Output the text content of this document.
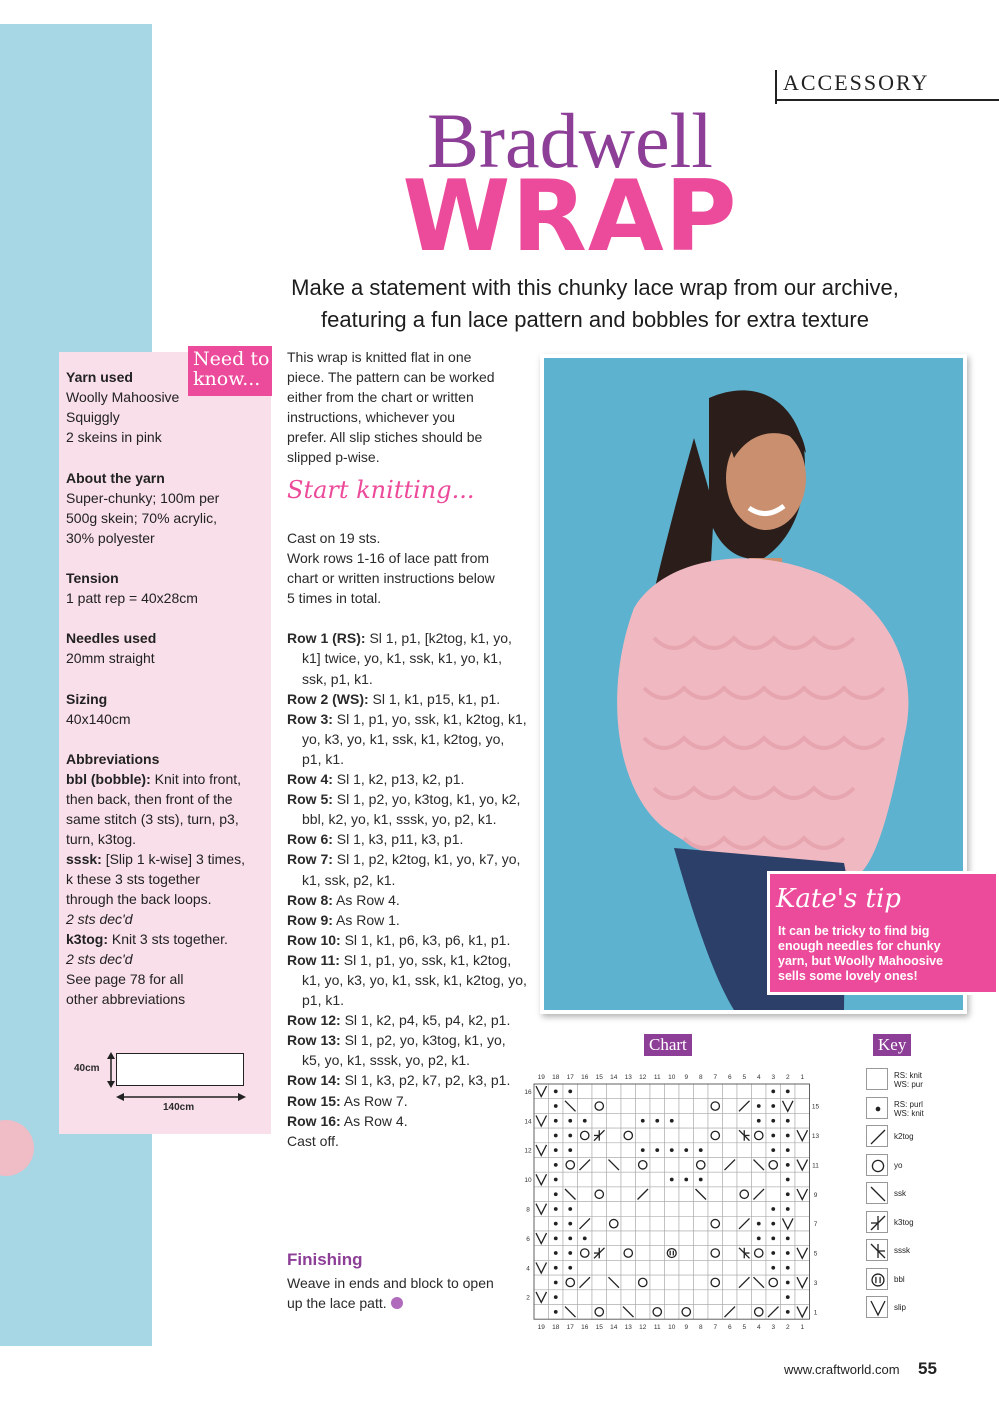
ACCESSORY
Bradwell
WRAP
Make a statement with this chunky lace wrap from our archive,
featuring a fun lace pattern and bobbles for extra texture
Need to
know...
Yarn used
Woolly Mahoosive
Squiggly
2 skeins in pink
About the yarn
Super-chunky; 100m per
500g skein; 70% acrylic,
30% polyester
Tension
1 patt rep = 40x28cm
Needles used
20mm straight
Sizing
40x140cm
Abbreviations
bbl (bobble): Knit into front,
then back, then front of the
same stitch (3 sts), turn, p3,
turn, k3tog.
sssk: [Slip 1 k-wise] 3 times,
k these 3 sts together
through the back loops.
2 sts dec'd
k3tog: Knit 3 sts together.
2 sts dec'd
See page 78 for all
other abbreviations
40cm
140cm
This wrap is knitted flat in one
piece. The pattern can be worked
either from the chart or written
instructions, whichever you
prefer. All slip stiches should be
slipped p-wise.
Start knitting...

Cast on 19 sts.

Work rows 1-16 of lace patt from

chart or written instructions below

5 times in total.

Row 1 (RS): Sl 1, p1, [k2tog, k1, yo, k1] twice, yo, k1, ssk, k1, yo, k1, ssk, p1, k1.

Row 2 (WS): Sl 1, k1, p15, k1, p1.

Row 3: Sl 1, p1, yo, ssk, k1, k2tog, k1, yo, k3, yo, k1, ssk, k1, k2tog, yo, p1, k1.

Row 4: Sl 1, k2, p13, k2, p1.

Row 5: Sl 1, p2, yo, k3tog, k1, yo, k2, bbl, k2, yo, k1, sssk, yo, p2, k1.

Row 6: Sl 1, k3, p11, k3, p1.

Row 7: Sl 1, p2, k2tog, k1, yo, k7, yo, k1, ssk, p2, k1.

Row 8: As Row 4.

Row 9: As Row 1.

Row 10: Sl 1, k1, p6, k3, p6, k1, p1.

Row 11: Sl 1, p1, yo, ssk, k1, k2tog, k1, yo, k3, yo, k1, ssk, k1, k2tog, yo, p1, k1.

Row 12: Sl 1, k2, p4, k5, p4, k2, p1.

Row 13: Sl 1, p2, yo, k3tog, k1, yo, k5, yo, k1, sssk, yo, p2, k1.

Row 14: Sl 1, k3, p2, k7, p2, k3, p1.

Row 15: As Row 7.

Row 16: As Row 4.

Cast off.

Finishing
Weave in ends and block to open
up the lace patt.
Kate's tip
It can be tricky to find big
enough needles for chunky
yarn, but Woolly Mahoosive
sells some lovely ones!
Chart
19
19
18
18
17
17
16
16
15
15
14
14
13
13
12
12
11
11
10
10
9
9
8
8
7
7
6
6
5
5
4
4
3
3
2
2
1
1
16
15
14
13
12
11
10
9
8
7
6
5
4
3
2
1
Key
RS: knit
WS: pur
RS: purl
WS: knit
k2tog
yo
ssk
k3tog
sssk
bbl
slip
www.craftworld.com 55
